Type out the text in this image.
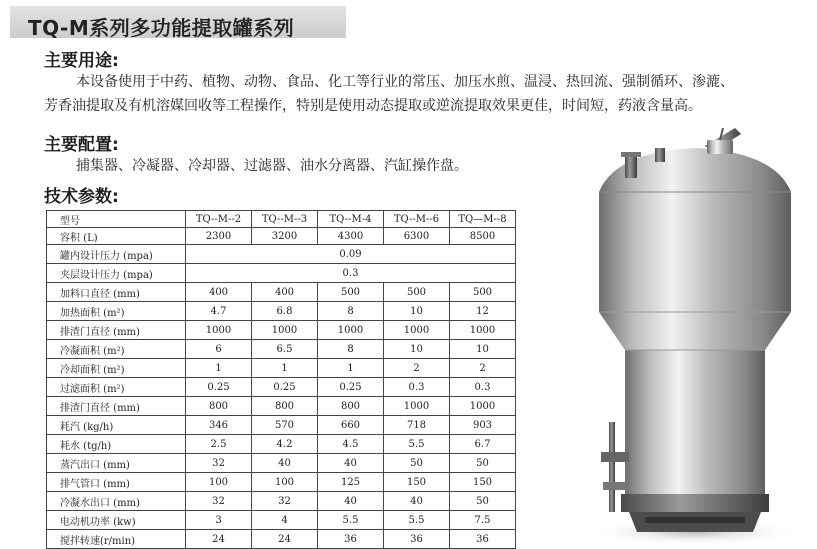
TQ-M系列多功能提取罐系列
主要用途:
本设备使用于中药、植物、动物、食品、化工等行业的常压、加压水煎、温浸、热回流、强制循环、渗漉、
芳香油提取及有机溶媒回收等工程操作，特别是使用动态提取或逆流提取效果更佳，时间短，药液含量高。
主要配置:
捕集器、冷凝器、冷却器、过滤器、油水分离器、汽缸操作盘。
技术参数:
型号	TQ--M--2	TQ--M--3	TQ--M-4	TQ--M--6	TQ—M--8
容积 (L)	2300	3200	4300	6300	8500
罐内设计压力 (mpa)	0.09				
夹层设计压力 (mpa)	0.3				
加料口直径 (mm)	400	400	500	500	500
加热面积 (m²)	4.7	6.8	8	10	12
排渣门直径 (mm)	1000	1000	1000	1000	1000
冷凝面积 (m²)	6	6.5	8	10	10
冷却面积 (m²)	1	1	1	2	2
过滤面积 (m²)	0.25	0.25	0.25	0.3	0.3
排渣门直径 (mm)	800	800	800	1000	1000
耗汽 (kg/h)	346	570	660	718	903
耗水 (tg/h)	2.5	4.2	4.5	5.5	6.7
蒸汽出口 (mm)	32	40	40	50	50
排气管口 (mm)	100	100	125	150	150
冷凝水出口 (mm)	32	32	40	40	50
电动机功率 (kw)	3	4	5.5	5.5	7.5
搅拌转速(r/min)	24	24	36	36	36
